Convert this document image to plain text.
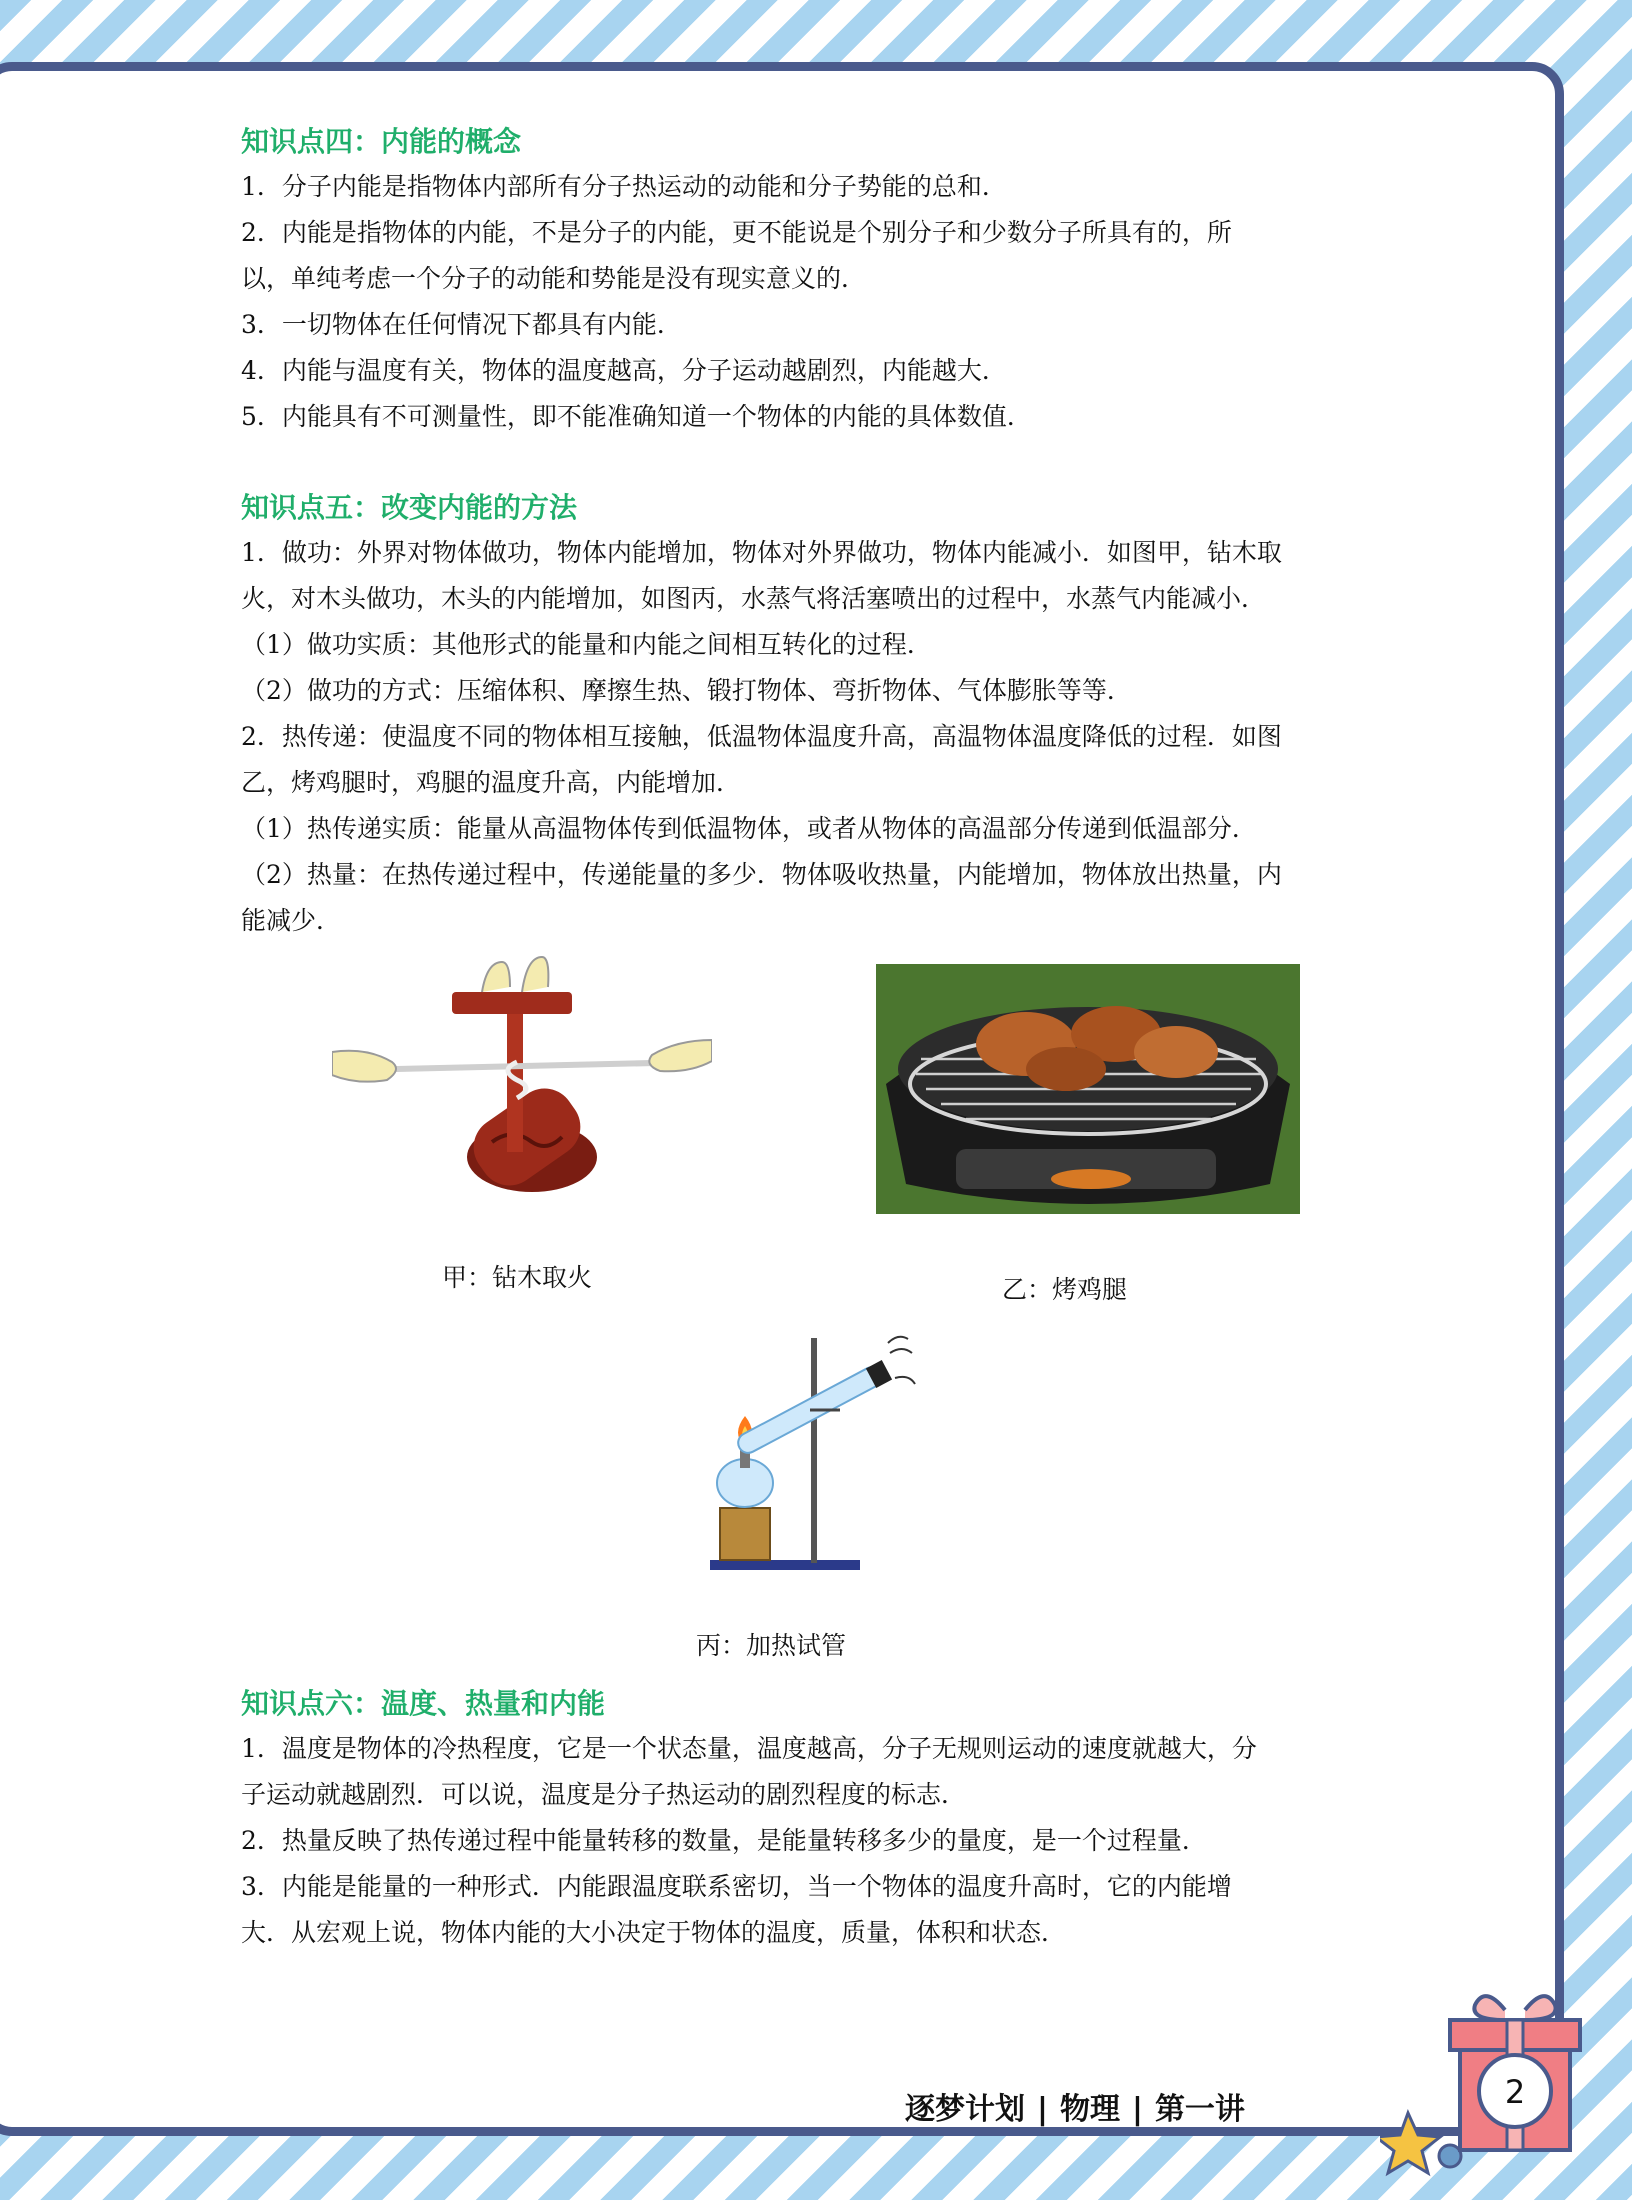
知识点四：内能的概念

1．分子内能是指物体内部所有分子热运动的动能和分子势能的总和．

2．内能是指物体的内能，不是分子的内能，更不能说是个别分子和少数分子所具有的，所

以，单纯考虑一个分子的动能和势能是没有现实意义的．

3．一切物体在任何情况下都具有内能．

4．内能与温度有关，物体的温度越高，分子运动越剧烈，内能越大．

5．内能具有不可测量性，即不能准确知道一个物体的内能的具体数值．

知识点五：改变内能的方法

1．做功：外界对物体做功，物体内能增加，物体对外界做功，物体内能减小．如图甲，钻木取

火，对木头做功，木头的内能增加，如图丙，水蒸气将活塞喷出的过程中，水蒸气内能减小．

（1）做功实质：其他形式的能量和内能之间相互转化的过程．

（2）做功的方式：压缩体积、摩擦生热、锻打物体、弯折物体、气体膨胀等等．

2．热传递：使温度不同的物体相互接触，低温物体温度升高，高温物体温度降低的过程．如图

乙，烤鸡腿时，鸡腿的温度升高，内能增加．

（1）热传递实质：能量从高温物体传到低温物体，或者从物体的高温部分传递到低温部分．

（2）热量：在热传递过程中，传递能量的多少．物体吸收热量，内能增加，物体放出热量，内

能减少．

甲：钻木取火	乙：烤鸡腿
丙：加热试管
知识点六：温度、热量和内能

1．温度是物体的冷热程度，它是一个状态量，温度越高，分子无规则运动的速度就越大，分

子运动就越剧烈．可以说，温度是分子热运动的剧烈程度的标志．

2．热量反映了热传递过程中能量转移的数量，是能量转移多少的量度，是一个过程量．

3．内能是能量的一种形式．内能跟温度联系密切，当一个物体的温度升高时，它的内能增

大．从宏观上说，物体内能的大小决定于物体的温度，质量，体积和状态．

逐梦计划 | 物理 | 第一讲	2
